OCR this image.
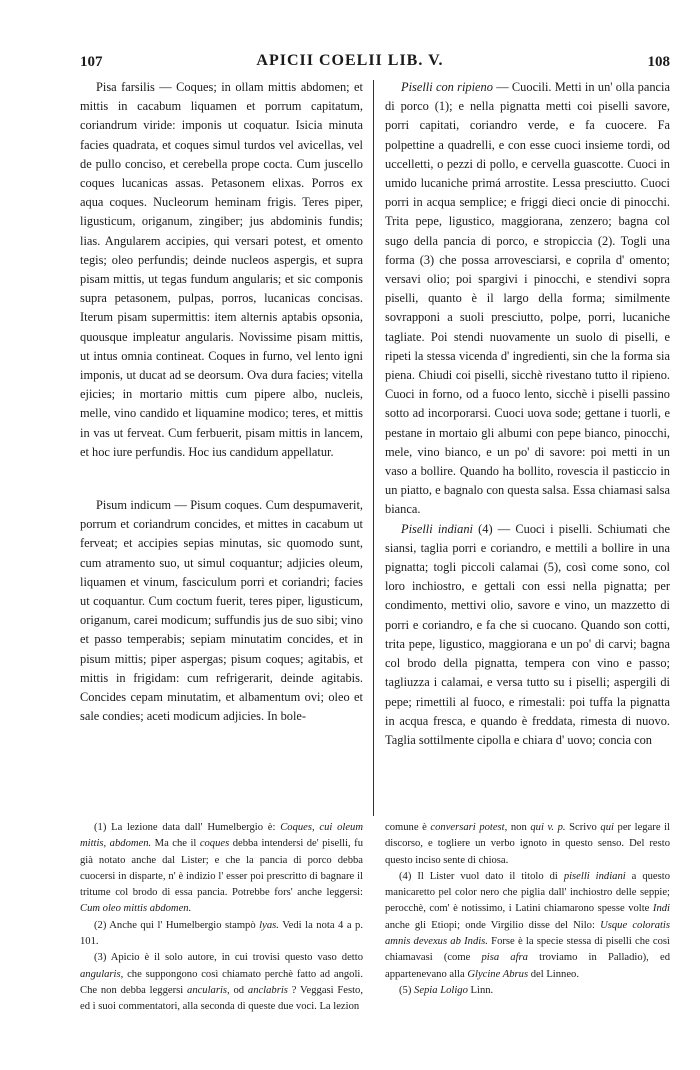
107	APICII COELII LIB. V.	108

Pisa farsilis — Coques; in ollam mittis abdomen; et mittis in cacabum liquamen et porrum capitatum, coriandrum viride: imponis ut coquatur. Isicia minuta facies quadrata, et coques simul turdos vel avicellas, vel de pullo conciso, et cerebella prope cocta. Cum juscello coques lucanicas assas. Petasonem elixas. Porros ex aqua coques. Nucleorum heminam frigis. Teres piper, ligusticum, origanum, zingiber; jus abdominis fundis; lias. Angularem accipies, qui versari potest, et omento tegis; oleo perfundis; deinde nucleos aspergis, et supra pisam mittis, ut tegas fundum angularis; et sic componis supra petasonem, pulpas, porros, lucanicas concisas. Iterum pisam supermittis: item alternis aptabis opsonia, quousque impleatur angularis. Novissime pisam mittis, ut intus omnia contineat. Coques in furno, vel lento igni imponis, ut ducat ad se deorsum. Ova dura facies; vitella ejicies; in mortario mittis cum pipere albo, nucleis, melle, vino candido et liquamine modico; teres, et mittis in vas ut ferveat. Cum ferbuerit, pisam mittis in lancem, et hoc iure perfundis. Hoc ius candidum appellatur.

Pisum indicum — Pisum coques. Cum despumaverit, porrum et coriandrum concides, et mittes in cacabum ut ferveat; et accipies sepias minutas, sic quomodo sunt, cum atramento suo, ut simul coquantur; adjicies oleum, liquamen et vinum, fasciculum porri et coriandri; facies ut coquantur. Cum coctum fuerit, teres piper, ligusticum, origanum, carei modicum; suffundis jus de suo sibi; vino et passo temperabis; sepiam minutatim concides, et in pisum mittis; piper aspergas; pisum coques; agitabis, et mittis in frigidam: cum refrigerarit, deinde agitabis. Concides cepam minutatim, et albamentum ovi; oleo et sale condies; aceti modicum adjicies. In bole-

Piselli con ripieno — Cuocili. Metti in un' olla pancia di porco (1); e nella pignatta metti coi piselli savore, porri capitati, coriandro verde, e fa cuocere. Fa polpettine a quadrelli, e con esse cuoci insieme tordi, od uccelletti, o pezzi di pollo, e cervella guascotte. Cuoci in umido lucaniche primá arrostite. Lessa presciutto. Cuoci porri in acqua semplice; e friggi dieci oncie di pinocchi. Trita pepe, ligustico, maggiorana, zenzero; bagna col sugo della pancia di porco, e stropiccia (2). Togli una forma (3) che possa arrovesciarsi, e coprila d' omento; versavi olio; poi spargivi i pinocchi, e stendivi sopra piselli, quanto è il largo della forma; similmente sovrapponi a suoli presciutto, polpe, porri, lucaniche tagliate. Poi stendi nuovamente un suolo di piselli, e ripeti la stessa vicenda d' ingredienti, sin che la forma sia piena. Chiudi coi piselli, sicchè rivestano tutto il ripieno. Cuoci in forno, od a fuoco lento, sicchè i piselli passino sotto ad incorporarsi. Cuoci uova sode; gettane i tuorli, e pestane in mortaio gli albumi con pepe bianco, pinocchi, mele, vino bianco, e un po' di savore: poi metti in un vaso a bollire. Quando ha bollito, rovescia il pasticcio in un piatto, e bagnalo con questa salsa. Essa chiamasi salsa bianca.

Piselli indiani (4) — Cuoci i piselli. Schiumati che siansi, taglia porri e coriandro, e mettili a bollire in una pignatta; togli piccoli calamai (5), così come sono, col loro inchiostro, e gettali con essi nella pignatta; per condimento, mettivi olio, savore e vino, un mazzetto di porri e coriandro, e fa che si cuocano. Quando son cotti, trita pepe, ligustico, maggiorana e un po' di carvi; bagna col brodo della pignatta, tempera con vino e passo; tagliuzza i calamai, e versa tutto su i piselli; aspergili di pepe; rimettili al fuoco, e rimestali: poi tuffa la pignatta in acqua fresca, e quando è freddata, rimesta di nuovo. Taglia sottilmente cipolla e chiara d' uovo; concia con

(1) La lezione data dall' Humelbergio è: Coques, cui oleum mittis, abdomen. Ma che il coques debba intendersi de' piselli, fu già notato anche dal Lister; e che la pancia di porco debba cuocersi in disparte, n' è indizio l' esser poi prescritto di bagnare il tritume col brodo di essa pancia. Potrebbe fors' anche leggersi: Cum oleo mittis abdomen.

(2) Anche qui l' Humelbergio stampò lyas. Vedi la nota 4 a p. 101.

(3) Apicio è il solo autore, in cui trovisi questo vaso detto angularis, che suppongono così chiamato perchè fatto ad angoli. Che non debba leggersi ancularis, od anclabris ? Veggasi Festo, ed i suoi commentatori, alla seconda di queste due voci. La lezion

comune è conversari potest, non qui v. p. Scrivo qui per legare il discorso, e togliere un verbo ignoto in questo senso. Del resto questo inciso sente di chiosa.

(4) Il Lister vuol dato il titolo di piselli indiani a questo manicaretto pel color nero che piglia dall' inchiostro delle seppie; perocchè, com' è notissimo, i Latini chiamarono spesse volte Indi anche gli Etiopi; onde Virgilio disse del Nilo: Usque coloratis amnis devexus ab Indis. Forse è la specie stessa di piselli che così chiamavasi (come pisa afra troviamo in Palladio), ed appartenevano alla Glycine Abrus del Linneo.

(5) Sepia Loligo Linn.
